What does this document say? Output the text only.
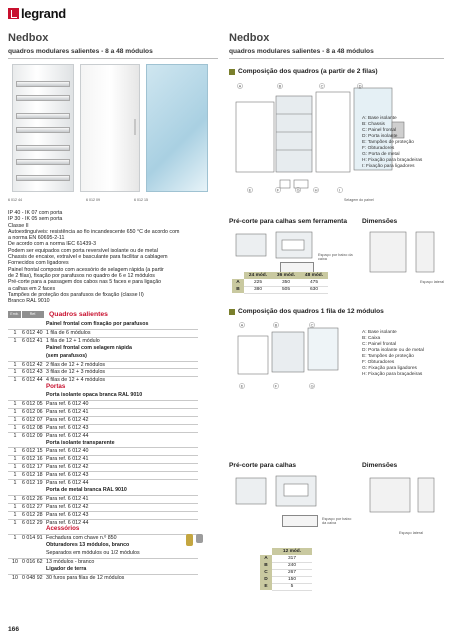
legrand
Nedbox
quadros modulares salientes - 8 a 48 módulos
Nedbox
quadros modulares salientes - 8 a 48 módulos
6 012 44	6 012 09	6 012 15
Composição dos quadros (a partir de 2 filas)
A	B	C	D
E	F	G	H	I
A: Base isolante
B: Chassis
C: Painel frontal
D: Porta isolante
E: Tampões de proteção
F: Obturadores
G: Porta de metal
H: Fixação para braçadeiras
I: Fixação para ligadores
Selagem do painel
IP 40 - IK 07 com porta
IP 30 - IK 05 sem porta
Classe II
Autoextinguíveis: resistência ao fio incandescente 650 °C de acordo com
a norma EN 60695-2-11
De acordo com a norma IEC 61439-3
Podem ser equipados com porta reversível isolante ou de metal
Chassis de encaixe, extraível e basculante para facilitar a cablagem
Fornecidos com ligadores
Painel frontal composto com acessório de selagem rápida (a partir
de 2 filas), fixação por parafusos no quadro de 6 e 12 módulos
Pré-corte para a passagem dos cabos nas 5 faces e para ligação
a calhas em 2 faces
Tampões de proteção dos parafusos de fixação (classe II)
Branco RAL 9010
Emb.	Ref.	Quadros salientes
Painel frontal com fixação por parafusos
1	6 012 40 1 fila de 6 módulos
1	6 012 41 1 fila de 12 + 1 módulo
Painel frontal com selagem rápida
(sem parafusos)
1	6 012 42 2 filas de 12 + 2 módulos
1	6 012 43 3 filas de 12 + 3 módulos
1	6 012 44 4 filas de 12 + 4 módulos
Portas
Porta isolante opaca branca RAL 9010
1	6 012 05 Para ref. 6 012 40
1	6 012 06 Para ref. 6 012 41
1	6 012 07 Para ref. 6 012 42
1	6 012 08 Para ref. 6 012 43
1	6 012 09 Para ref. 6 012 44
Porta isolante transparente
1	6 012 15 Para ref. 6 012 40
1	6 012 16 Para ref. 6 012 41
1	6 012 17 Para ref. 6 012 42
1	6 012 18 Para ref. 6 012 43
1	6 012 19 Para ref. 6 012 44
Porta de metal branca RAL 9010
1	6 012 26 Para ref. 6 012 41
1	6 012 27 Para ref. 6 012 42
1	6 012 28 Para ref. 6 012 43
1	6 012 29 Para ref. 6 012 44
Acessórios
1	0 014 91 Fechadura com chave n.º 850
Obturadores 13 módulos, branco
Separados em módulos ou 1/2 módulos
10 0 016 62 13 módulos - branco
Ligador de terra
10 0 048 92 30 furos para filas de 12 módulos
Pré-corte para calhas sem ferramenta Dimensões
Espaço por baixo da caixa
Espaço lateral
	24 mód.	36 mód.	48 mód.
A	225	350	475
B	380	505	630
Composição dos quadros 1 fila de 12 módulos
A	B	C
E	F	G
A: Base isolante
B: Caixa
C: Painel frontal
D: Porta isolante ou de metal
E: Tampões de proteção
F: Obturadores
G: Fixação para ligadores
H: Fixação para braçadeiras
Pré-corte para calhas	Dimensões
Espaço por baixo da caixa
Espaço lateral
	12 mód.
A	317
B	240
C	267
D	150
E	5
166
